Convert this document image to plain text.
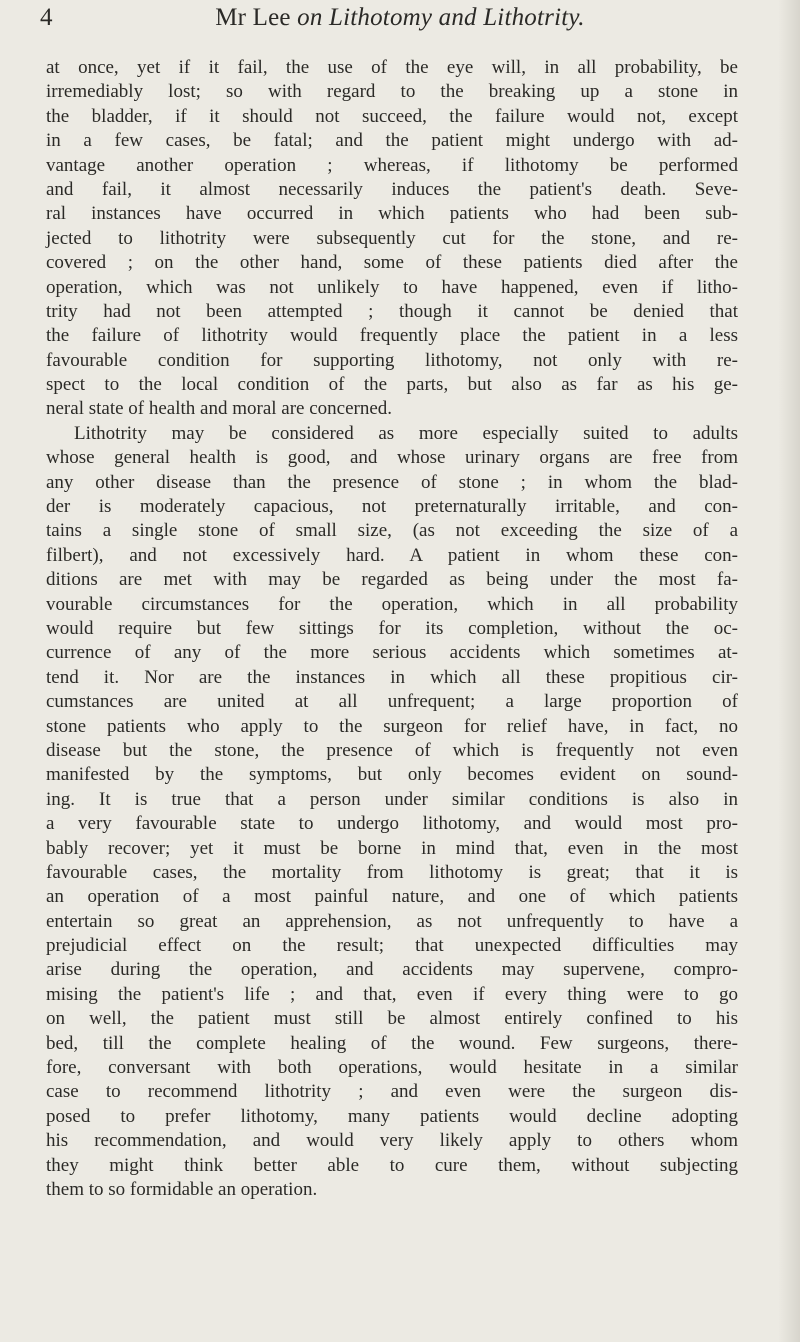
4	Mr Lee on Lithotomy and Lithotrity.
at once, yet if it fail, the use of the eye will, in all probability, be
irremediably lost; so with regard to the breaking up a stone in
the bladder, if it should not succeed, the failure would not, except
in a few cases, be fatal; and the patient might undergo with ad-
vantage another operation ; whereas, if lithotomy be performed
and fail, it almost necessarily induces the patient's death. Seve-
ral instances have occurred in which patients who had been sub-
jected to lithotrity were subsequently cut for the stone, and re-
covered ; on the other hand, some of these patients died after the
operation, which was not unlikely to have happened, even if litho-
trity had not been attempted ; though it cannot be denied that
the failure of lithotrity would frequently place the patient in a less
favourable condition for supporting lithotomy, not only with re-
spect to the local condition of the parts, but also as far as his ge-
neral state of health and moral are concerned.
Lithotrity may be considered as more especially suited to adults
whose general health is good, and whose urinary organs are free from
any other disease than the presence of stone ; in whom the blad-
der is moderately capacious, not preternaturally irritable, and con-
tains a single stone of small size, (as not exceeding the size of a
filbert), and not excessively hard. A patient in whom these con-
ditions are met with may be regarded as being under the most fa-
vourable circumstances for the operation, which in all probability
would require but few sittings for its completion, without the oc-
currence of any of the more serious accidents which sometimes at-
tend it. Nor are the instances in which all these propitious cir-
cumstances are united at all unfrequent; a large proportion of
stone patients who apply to the surgeon for relief have, in fact, no
disease but the stone, the presence of which is frequently not even
manifested by the symptoms, but only becomes evident on sound-
ing. It is true that a person under similar conditions is also in
a very favourable state to undergo lithotomy, and would most pro-
bably recover; yet it must be borne in mind that, even in the most
favourable cases, the mortality from lithotomy is great; that it is
an operation of a most painful nature, and one of which patients
entertain so great an apprehension, as not unfrequently to have a
prejudicial effect on the result; that unexpected difficulties may
arise during the operation, and accidents may supervene, compro-
mising the patient's life ; and that, even if every thing were to go
on well, the patient must still be almost entirely confined to his
bed, till the complete healing of the wound. Few surgeons, there-
fore, conversant with both operations, would hesitate in a similar
case to recommend lithotrity ; and even were the surgeon dis-
posed to prefer lithotomy, many patients would decline adopting
his recommendation, and would very likely apply to others whom
they might think better able to cure them, without subjecting
them to so formidable an operation.
